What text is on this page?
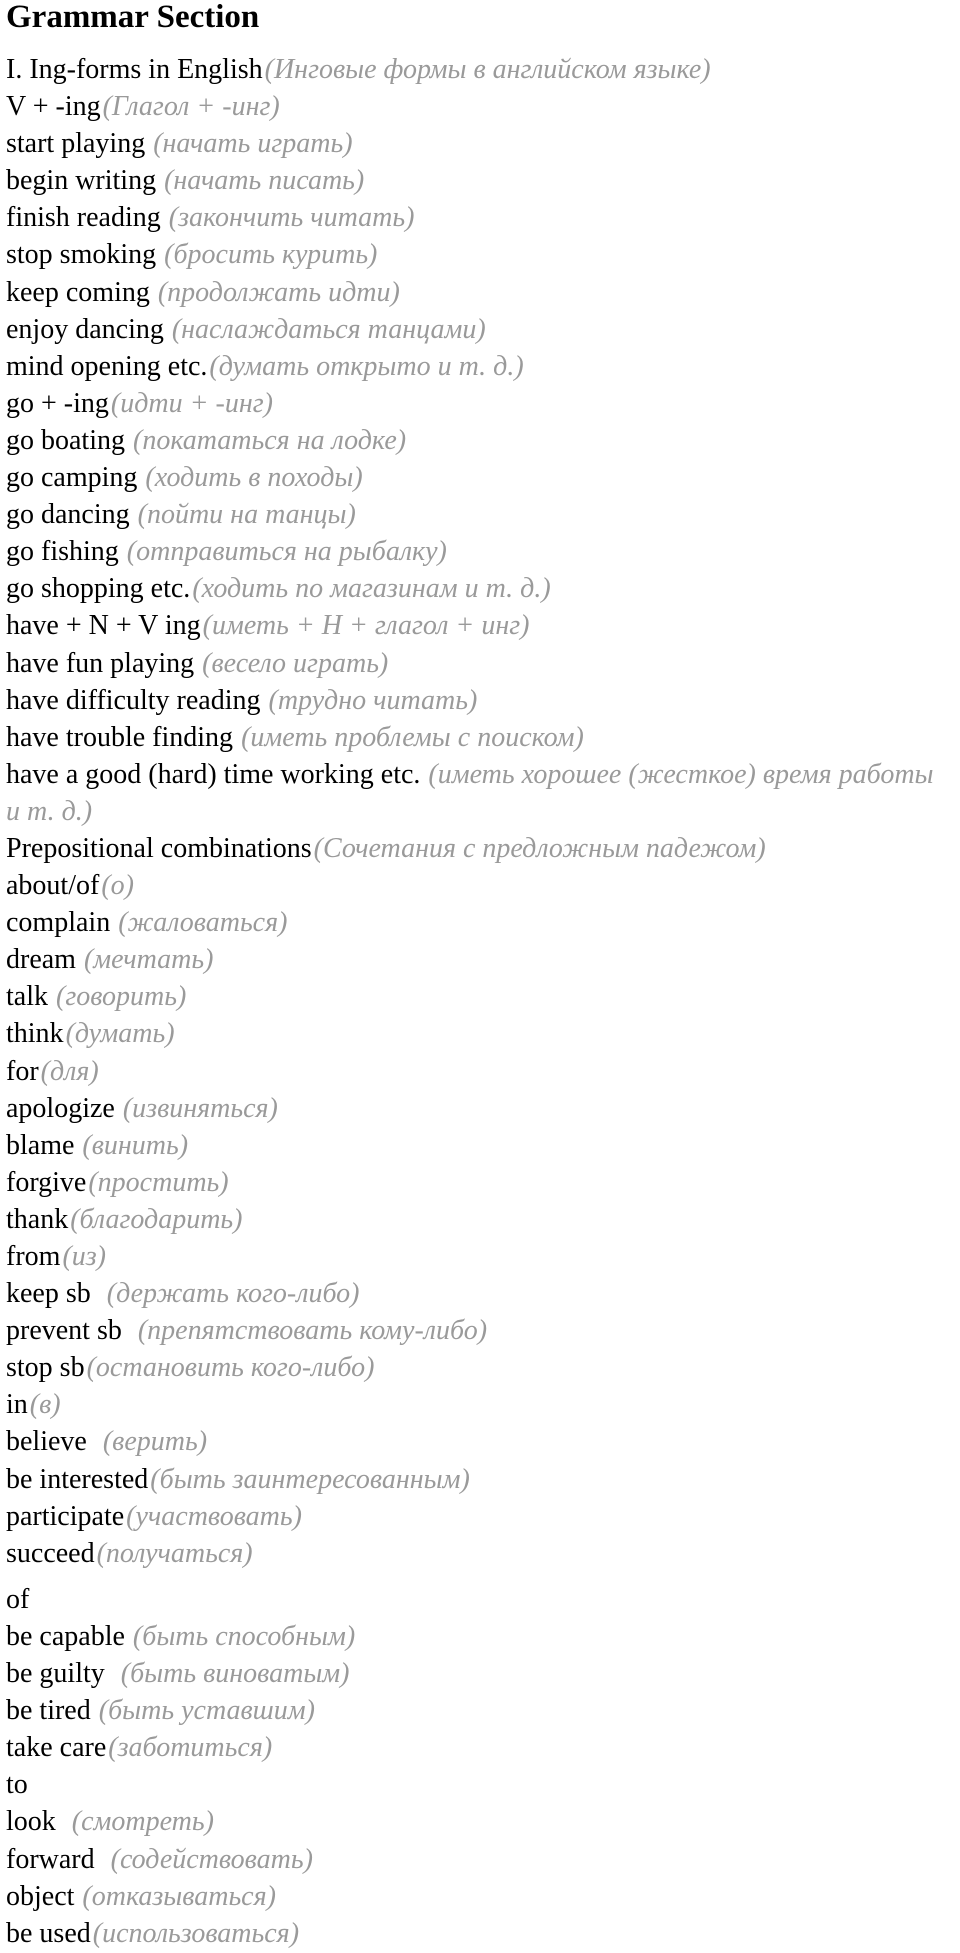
Grammar Section
I. Ing-forms in English(Инговые формы в английском языке)
V + -ing(Глагол + -инг)
start playing (начать играть)
begin writing (начать писать)
finish reading (закончить читать)
stop smoking (бросить курить)
keep coming (продолжать идти)
enjoy dancing (наслаждаться танцами)
mind opening etc.(думать открыто и т. д.)
go + -ing(идти + -инг)
go boating (покататься на лодке)
go camping (ходить в походы)
go dancing (пойти на танцы)
go fishing (отправиться на рыбалку)
go shopping etc.(ходить по магазинам и т. д.)
have + N + V ing(иметь + Н + глагол + инг)
have fun playing (весело играть)
have difficulty reading (трудно читать)
have trouble finding (иметь проблемы с поиском)
have a good (hard) time working etc. (иметь хорошее (жесткое) время работы и т. д.)
Prepositional combinations(Сочетания с предложным падежом)
about/of(о)
complain (жаловаться)
dream (мечтать)
talk (говорить)
think(думать)
for(для)
apologize (извиняться)
blame (винить)
forgive(простить)
thank(благодарить)
from(из)
keep sb (держать кого-либо)
prevent sb (препятствовать кому-либо)
stop sb(остановить кого-либо)
in(в)
believe (верить)
be interested(быть заинтересованным)
participate(участвовать)
succeed(получаться)
of
be capable (быть способным)
be guilty (быть виноватым)
be tired (быть уставшим)
take care(заботиться)
to
look (смотреть)
forward (содействовать)
object (отказываться)
be used(использоваться)
